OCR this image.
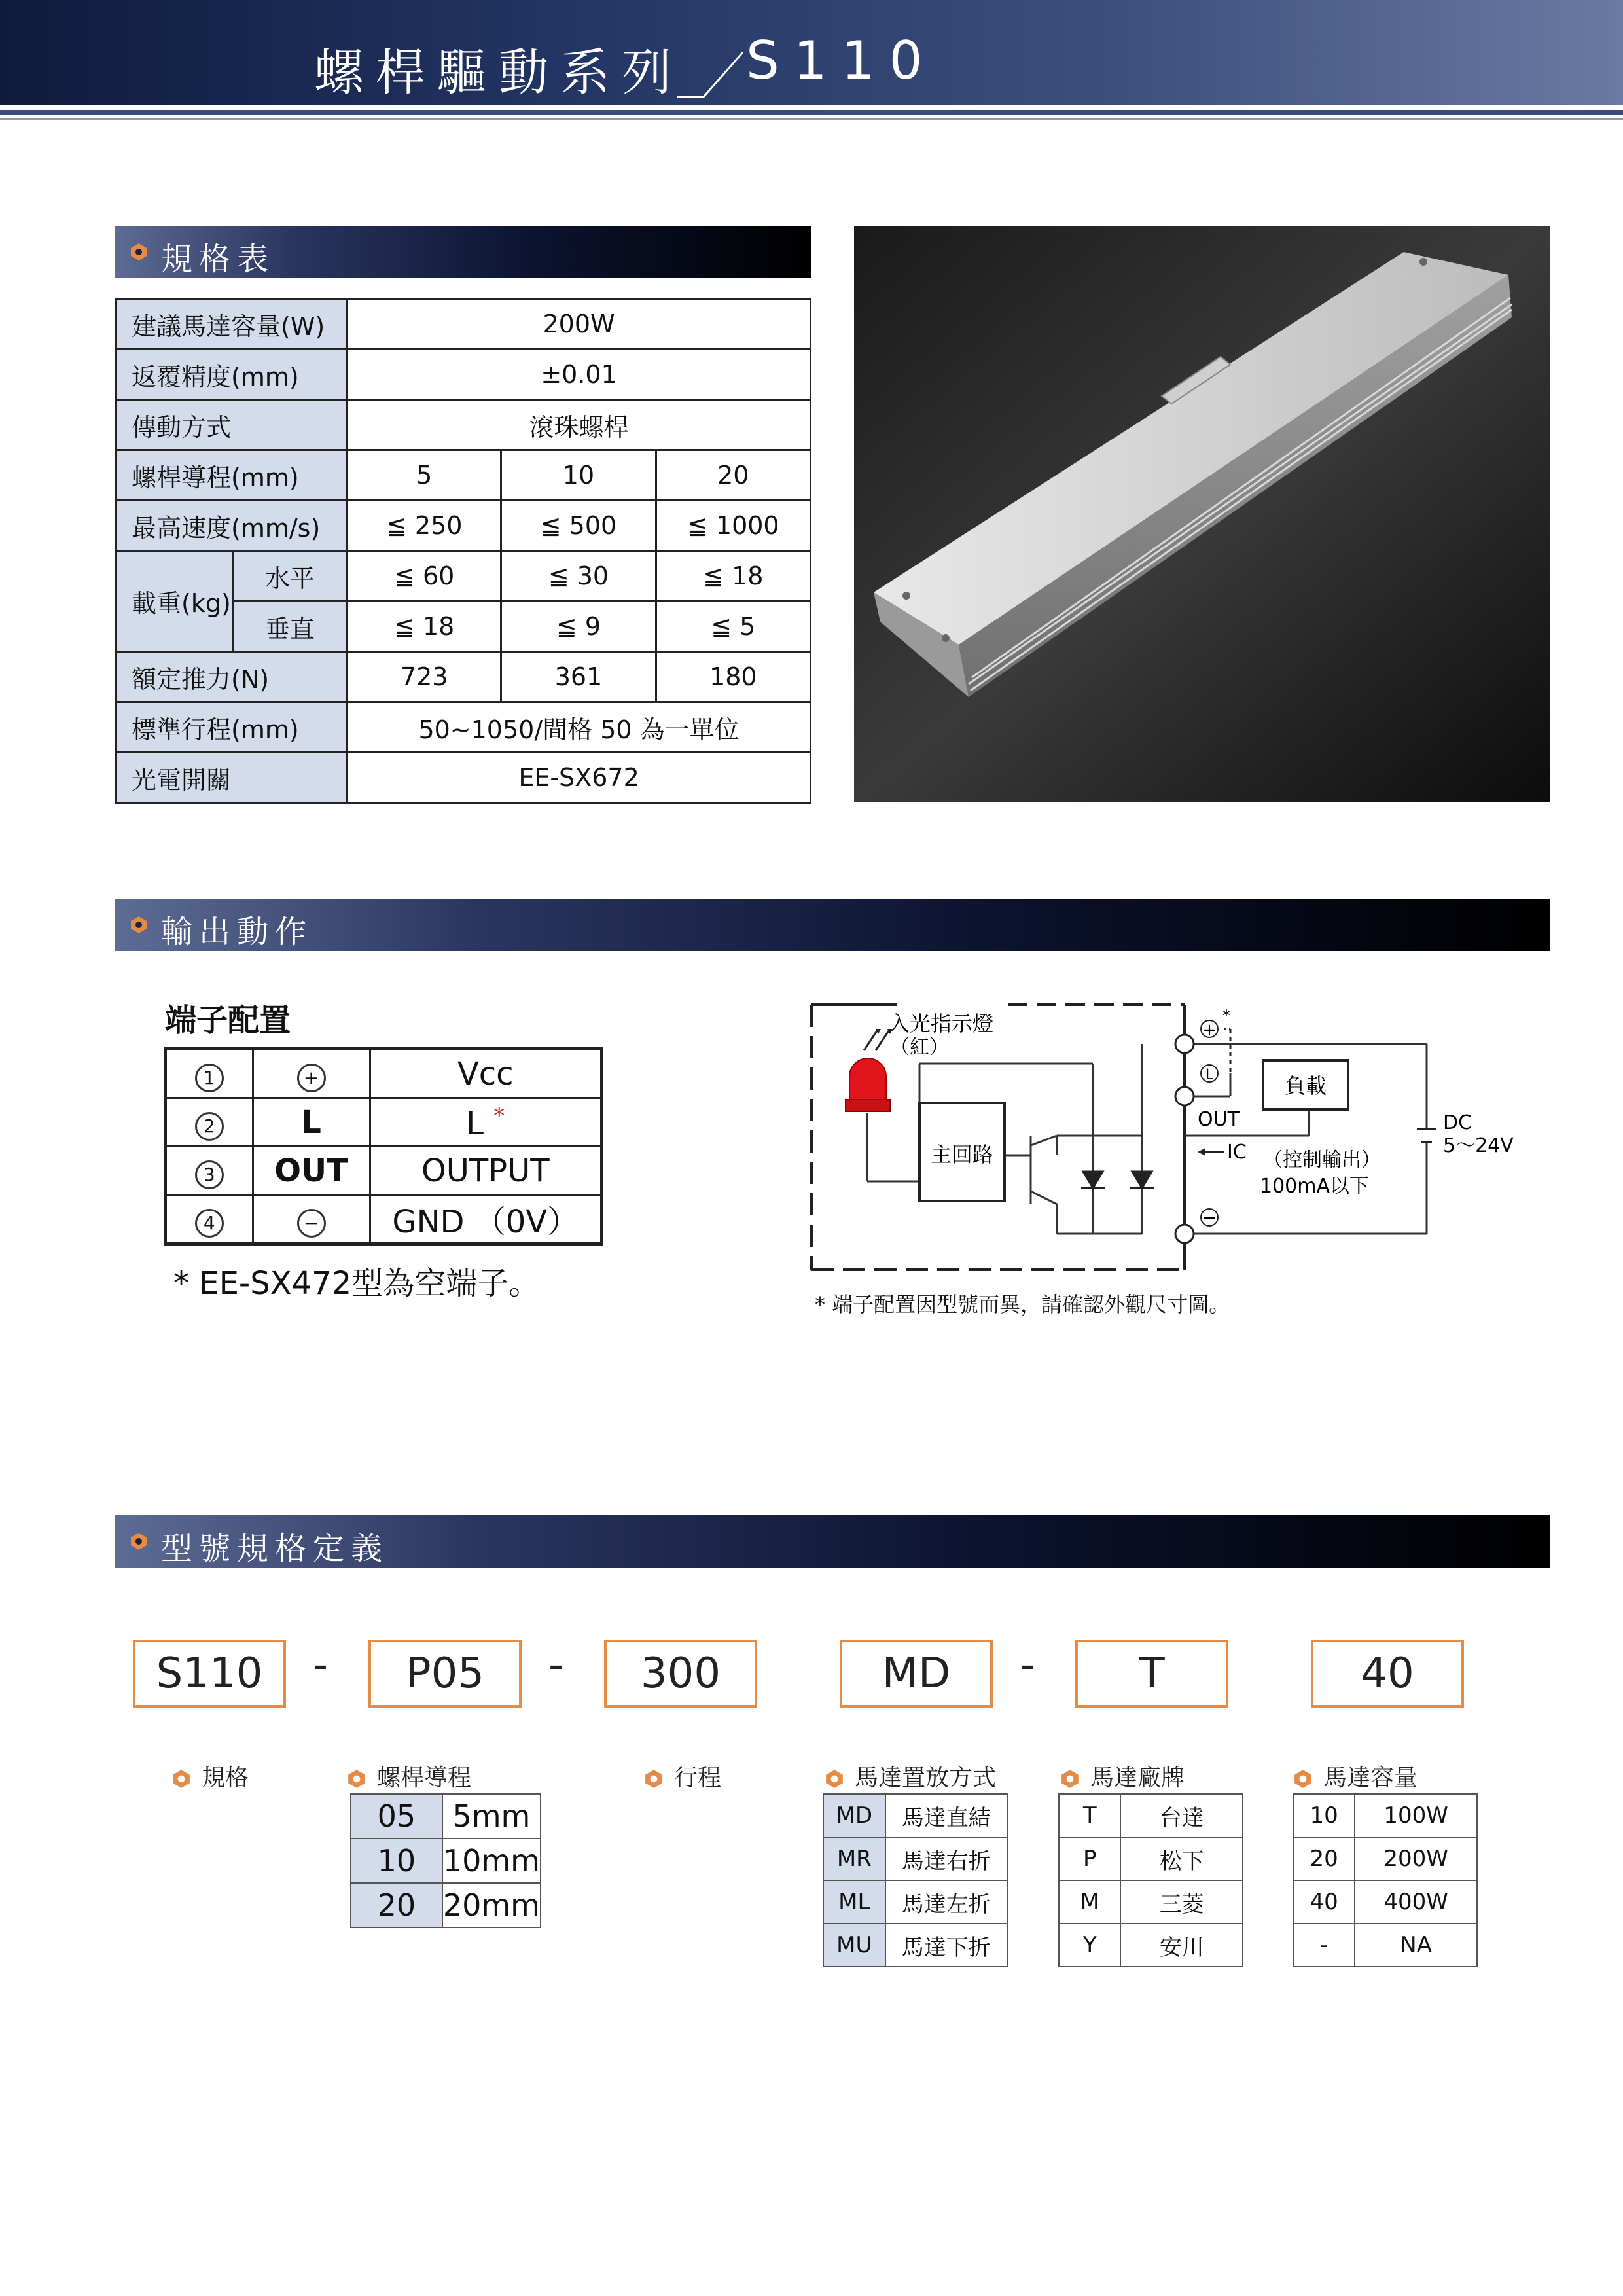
螺桿驅動系列 S110
規格表
建議馬達容量(W)		200W		
返覆精度(mm)		±0.01		
傳動方式		滾珠螺桿		
螺桿導程(mm)		5	10	20
最高速度(mm/s)		≦ 250	≦ 500	≦ 1000
載重(kg)	水平	≦ 60	≦ 30	≦ 18
	垂直	≦ 18	≦ 9	≦ 5
額定推力(N)		723	361	180
標準行程(mm)		50~1050/間格 50 為一單位		
光電開關		EE-SX672		
輸出動作
端子配置
1	+	Vcc
2	L	L *
3	OUT	OUTPUT
4	−	GND （0V）
* EE-SX472型為空端子。
主回路
負載
DC
5～24V
+
*
L
−
OUT
IC （控制輸出）
100mA以下
入光指示燈
（紅）
* 端子配置因型號而異，請確認外觀尺寸圖。
型號規格定義
S110	-	P05	-	300	MD	-	T	40
規格	螺桿導程	行程	馬達置放方式	馬達廠牌	馬達容量
05	5mm
10	10mm
20	20mm
MD	馬達直結
MR	馬達右折
ML	馬達左折
MU	馬達下折
T	台達
P	松下
M	三菱
Y	安川
10	100W
20	200W
40	400W
-	NA
